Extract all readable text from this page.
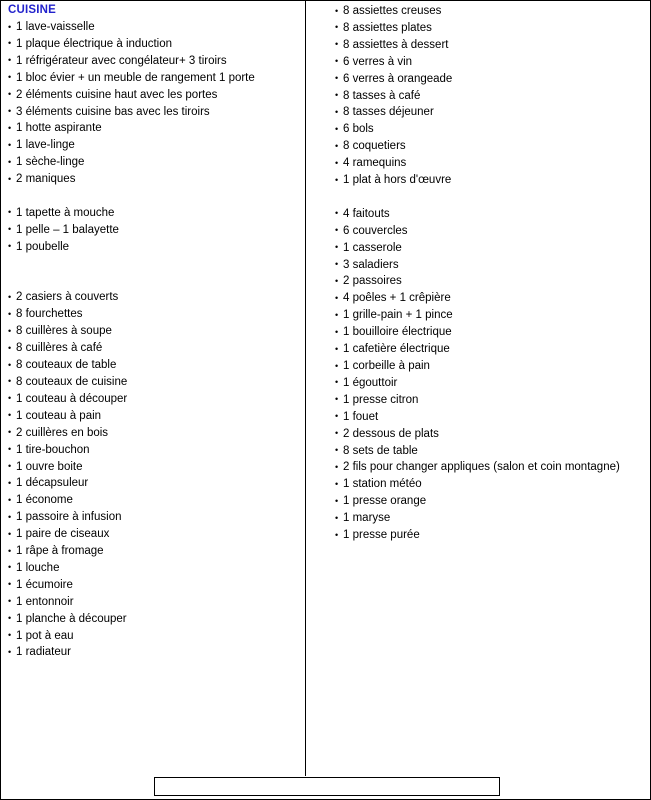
CUISINE
• 1 lave-vaisselle
• 1 plaque électrique à induction
• 1 réfrigérateur avec congélateur+ 3 tiroirs
• 1 bloc évier + un meuble de rangement 1 porte
• 2 éléments cuisine haut avec les portes
• 3 éléments cuisine bas avec les tiroirs
• 1 hotte aspirante
• 1 lave-linge
• 1 sèche-linge
• 2 maniques
• 1 tapette à mouche
• 1 pelle – 1 balayette
• 1 poubelle
• 2 casiers à couverts
• 8 fourchettes
• 8 cuillères à soupe
• 8 cuillères à café
• 8 couteaux de table
• 8 couteaux de cuisine
• 1 couteau à découper
• 1 couteau à pain
• 2 cuillères en bois
• 1 tire-bouchon
• 1 ouvre boite
• 1 décapsuleur
• 1 économe
• 1 passoire à infusion
• 1 paire de ciseaux
• 1 râpe à fromage
• 1 louche
• 1 écumoire
• 1 entonnoir
• 1 planche à découper
• 1 pot à eau
• 1 radiateur
• 8 assiettes creuses
• 8 assiettes plates
• 8 assiettes à dessert
• 6 verres à vin
• 6 verres à orangeade
• 8 tasses à café
• 8 tasses déjeuner
• 6 bols
• 8 coquetiers
• 4 ramequins
• 1 plat à hors d'œuvre
• 4 faitouts
• 6 couvercles
• 1 casserole
• 3 saladiers
• 2 passoires
• 4 poêles + 1 crêpière
• 1 grille-pain + 1 pince
• 1 bouilloire électrique
• 1 cafetière électrique
• 1 corbeille à pain
• 1 égouttoir
• 1 presse citron
• 1 fouet
• 2 dessous de plats
• 8 sets de table
• 2 fils pour changer appliques (salon et coin montagne)
• 1 station météo
• 1 presse orange
• 1 maryse
• 1 presse purée
